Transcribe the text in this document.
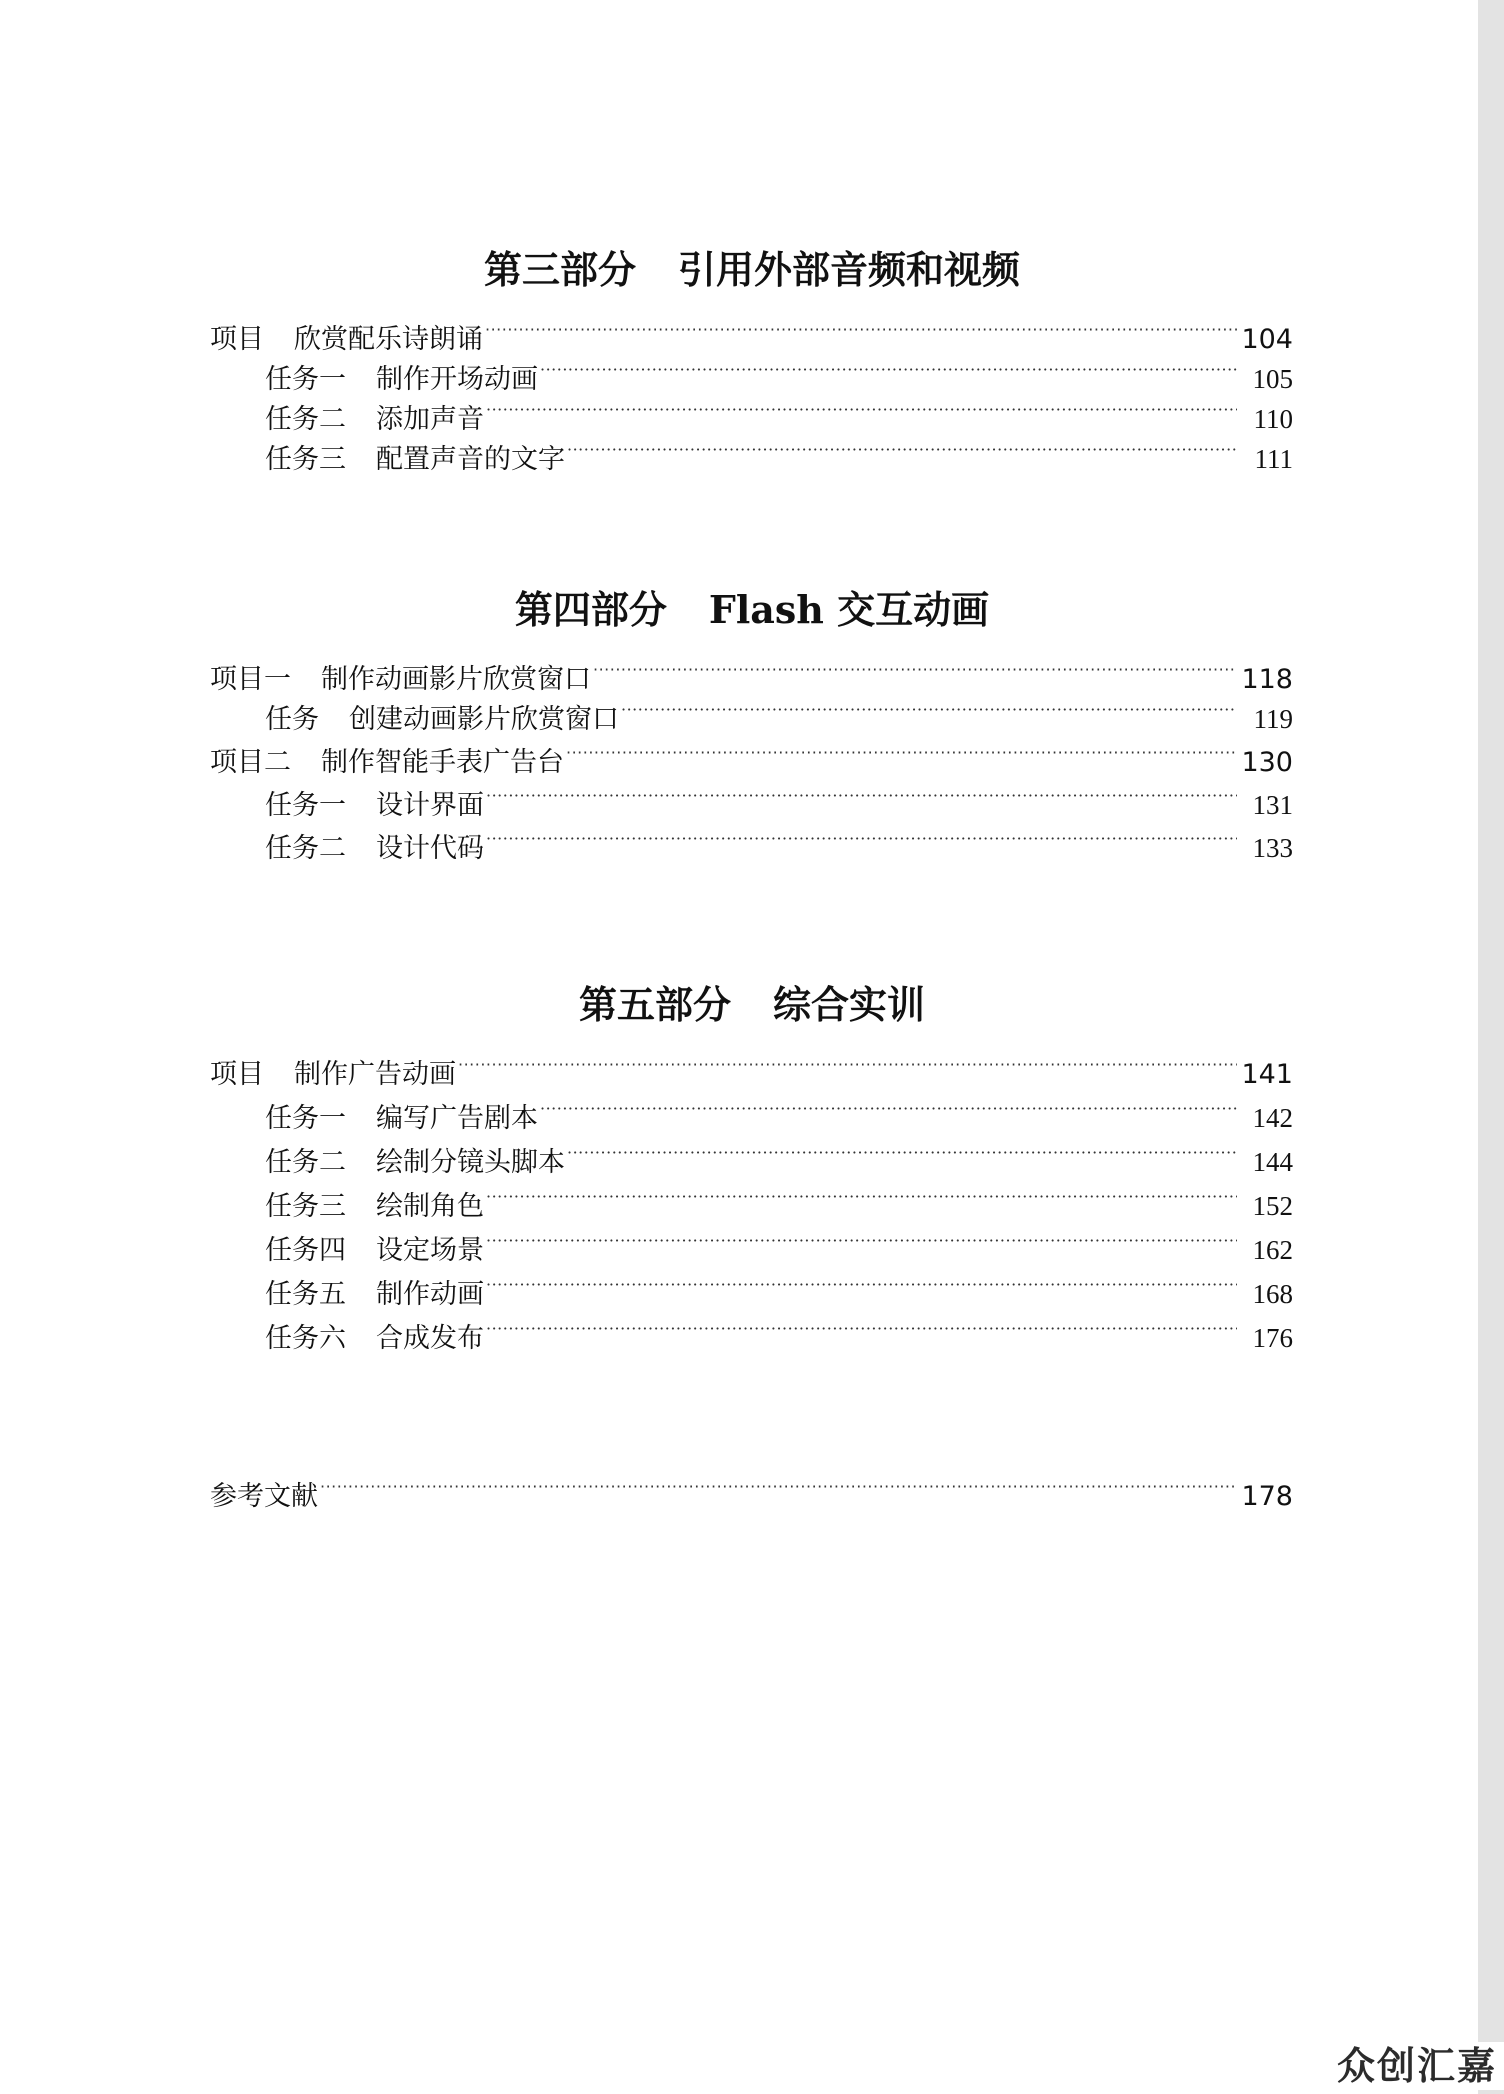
第三部分 引用外部音频和视频
项目 欣赏配乐诗朗诵 ·····	104
任务一 制作开场动画 ·····	105
任务二 添加声音 ·····	110
任务三 配置声音的文字 ·····	111
第四部分 Flash 交互动画
项目一 制作动画影片欣赏窗口 ·····	118
任务 创建动画影片欣赏窗口 ·····	119
项目二 制作智能手表广告台 ·····	130
任务一 设计界面 ·····	131
任务二 设计代码 ·····	133
第五部分 综合实训
项目 制作广告动画 ·····	141
任务一 编写广告剧本 ·····	142
任务二 绘制分镜头脚本 ·····	144
任务三 绘制角色 ·····	152
任务四 设定场景 ·····	162
任务五 制作动画 ·····	168
任务六 合成发布 ·····	176
参考文献 ·····	178
众创汇嘉
